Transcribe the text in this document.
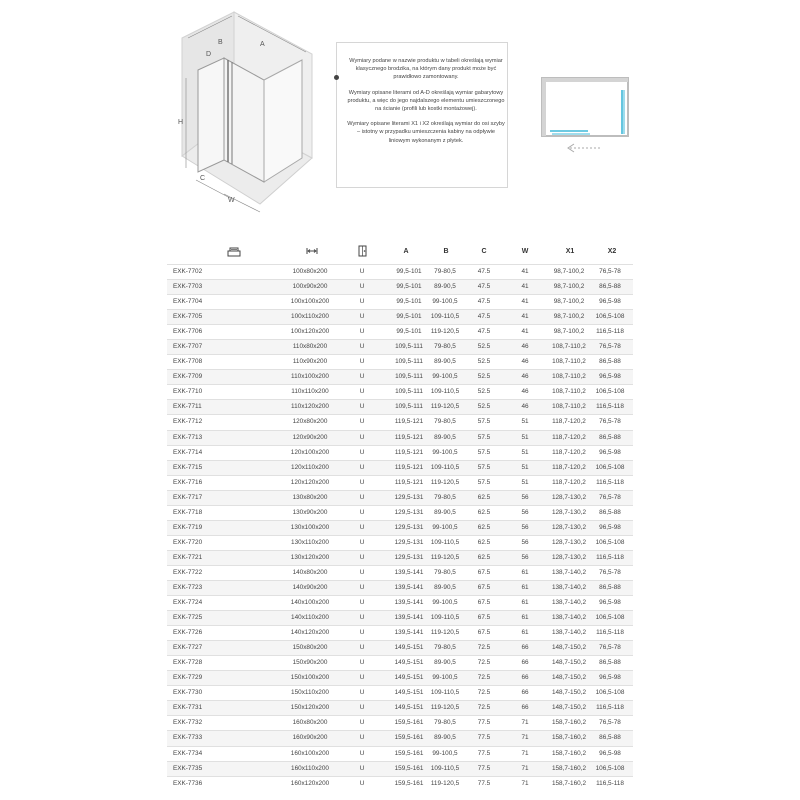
B	A
D
H
C
W

Wymiary podane w nazwie produktu w tabeli określają wymiar klasycznego brodzika, na którym dany produkt może być prawidłowo zamontowany.

Wymiary opisane literami od A-D określają wymiar gabarytowy produktu, a więc do jego najdalszego elementu umieszczonego na ścianie (profili lub kostki montażowej).

Wymiary opisane literami X1 i X2 określają wymiar do osi szyby – istotny w przypadku umieszczenia kabiny na odpływie liniowym wykonanym z płytek.

A	B	C	W	X1	X2
EXK-7702	100x80x200	U	99,5-101	79-80,5	47.5	41	98,7-100,2	76,5-78
EXK-7703	100x90x200	U	99,5-101	89-90,5	47.5	41	98,7-100,2	86,5-88
EXK-7704	100x100x200	U	99,5-101	99-100,5	47.5	41	98,7-100,2	96,5-98
EXK-7705	100x110x200	U	99,5-101	109-110,5	47.5	41	98,7-100,2	106,5-108
EXK-7706	100x120x200	U	99,5-101	119-120,5	47.5	41	98,7-100,2	116,5-118
EXK-7707	110x80x200	U	109,5-111	79-80,5	52.5	46	108,7-110,2	76,5-78
EXK-7708	110x90x200	U	109,5-111	89-90,5	52.5	46	108,7-110,2	86,5-88
EXK-7709	110x100x200	U	109,5-111	99-100,5	52.5	46	108,7-110,2	96,5-98
EXK-7710	110x110x200	U	109,5-111	109-110,5	52.5	46	108,7-110,2	106,5-108
EXK-7711	110x120x200	U	109,5-111	119-120,5	52.5	46	108,7-110,2	116,5-118
EXK-7712	120x80x200	U	119,5-121	79-80,5	57.5	51	118,7-120,2	76,5-78
EXK-7713	120x90x200	U	119,5-121	89-90,5	57.5	51	118,7-120,2	86,5-88
EXK-7714	120x100x200	U	119,5-121	99-100,5	57.5	51	118,7-120,2	96,5-98
EXK-7715	120x110x200	U	119,5-121	109-110,5	57.5	51	118,7-120,2	106,5-108
EXK-7716	120x120x200	U	119,5-121	119-120,5	57.5	51	118,7-120,2	116,5-118
EXK-7717	130x80x200	U	129,5-131	79-80,5	62.5	56	128,7-130,2	76,5-78
EXK-7718	130x90x200	U	129,5-131	89-90,5	62.5	56	128,7-130,2	86,5-88
EXK-7719	130x100x200	U	129,5-131	99-100,5	62.5	56	128,7-130,2	96,5-98
EXK-7720	130x110x200	U	129,5-131	109-110,5	62.5	56	128,7-130,2	106,5-108
EXK-7721	130x120x200	U	129,5-131	119-120,5	62.5	56	128,7-130,2	116,5-118
EXK-7722	140x80x200	U	139,5-141	79-80,5	67.5	61	138,7-140,2	76,5-78
EXK-7723	140x90x200	U	139,5-141	89-90,5	67.5	61	138,7-140,2	86,5-88
EXK-7724	140x100x200	U	139,5-141	99-100,5	67.5	61	138,7-140,2	96,5-98
EXK-7725	140x110x200	U	139,5-141	109-110,5	67.5	61	138,7-140,2	106,5-108
EXK-7726	140x120x200	U	139,5-141	119-120,5	67.5	61	138,7-140,2	116,5-118
EXK-7727	150x80x200	U	149,5-151	79-80,5	72.5	66	148,7-150,2	76,5-78
EXK-7728	150x90x200	U	149,5-151	89-90,5	72.5	66	148,7-150,2	86,5-88
EXK-7729	150x100x200	U	149,5-151	99-100,5	72.5	66	148,7-150,2	96,5-98
EXK-7730	150x110x200	U	149,5-151	109-110,5	72.5	66	148,7-150,2	106,5-108
EXK-7731	150x120x200	U	149,5-151	119-120,5	72.5	66	148,7-150,2	116,5-118
EXK-7732	160x80x200	U	159,5-161	79-80,5	77.5	71	158,7-160,2	76,5-78
EXK-7733	160x90x200	U	159,5-161	89-90,5	77.5	71	158,7-160,2	86,5-88
EXK-7734	160x100x200	U	159,5-161	99-100,5	77.5	71	158,7-160,2	96,5-98
EXK-7735	160x110x200	U	159,5-161	109-110,5	77.5	71	158,7-160,2	106,5-108
EXK-7736	160x120x200	U	159,5-161	119-120,5	77.5	71	158,7-160,2	116,5-118
